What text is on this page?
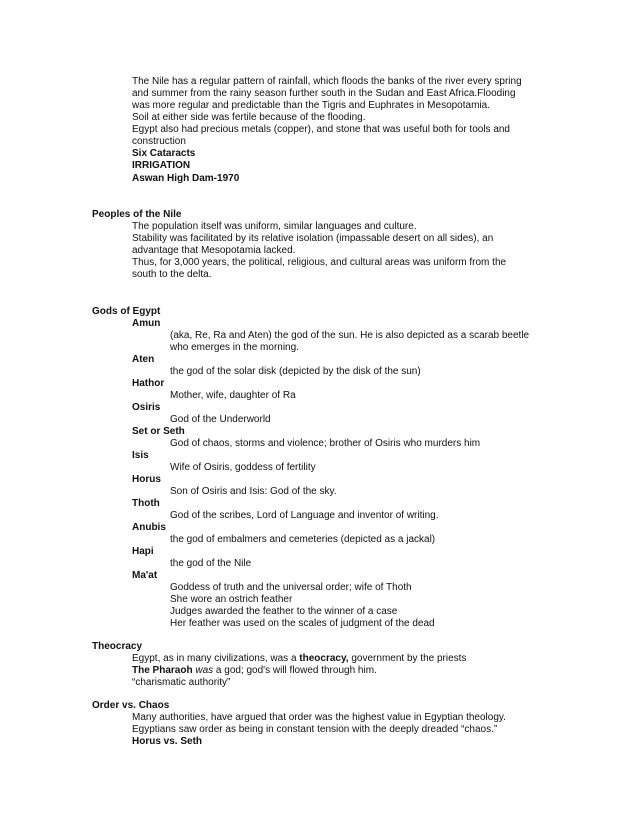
The Nile has a regular pattern of rainfall, which floods the banks of the river every spring
and summer from the rainy season further south in the Sudan and East Africa.Flooding
was more regular and predictable than the Tigris and Euphrates in Mesopotamia.
Soil at either side was fertile because of the flooding.
Egypt also had precious metals (copper), and stone that was useful both for tools and
construction
Six Cataracts
IRRIGATION
Aswan High Dam-1970
Peoples of the Nile
The population itself was uniform, similar languages and culture.
Stability was facilitated by its relative isolation (impassable desert on all sides), an
advantage that Mesopotamia lacked.
Thus, for 3,000 years, the political, religious, and cultural areas was uniform from the
south to the delta.
Gods of Egypt
Amun
(aka, Re, Ra and Aten) the god of the sun. He is also depicted as a scarab beetle
who emerges in the morning.
Aten
the god of the solar disk (depicted by the disk of the sun)
Hathor
Mother, wife, daughter of Ra
Osiris
God of the Underworld
Set or Seth
God of chaos, storms and violence; brother of Osiris who murders him
Isis
Wife of Osiris, goddess of fertility
Horus
Son of Osiris and Isis: God of the sky.
Thoth
God of the scribes, Lord of Language and inventor of writing.
Anubis
the god of embalmers and cemeteries (depicted as a jackal)
Hapi
the god of the Nile
Ma'at
Goddess of truth and the universal order; wife of Thoth
She wore an ostrich feather
Judges awarded the feather to the winner of a case
Her feather was used on the scales of judgment of the dead
Theocracy
Egypt, as in many civilizations, was a theocracy, government by the priests
The Pharaoh was a god; god's will flowed through him.
“charismatic authority”
Order vs. Chaos
Many authorities, have argued that order was the highest value in Egyptian theology.
Egyptians saw order as being in constant tension with the deeply dreaded “chaos.”
Horus vs. Seth
